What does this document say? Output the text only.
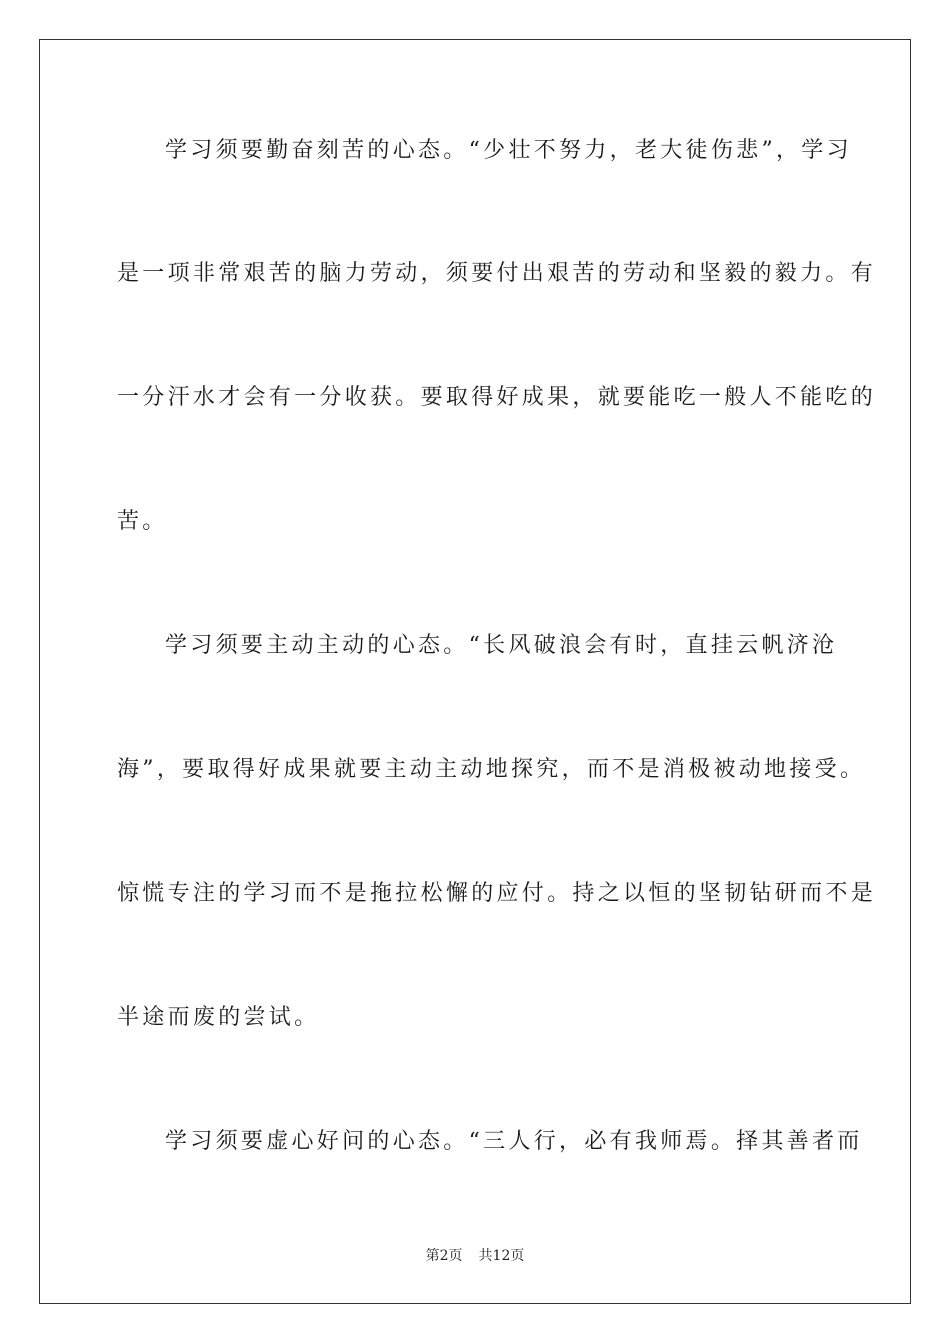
学习须要勤奋刻苦的心态。“少壮不努力，老大徒伤悲”，学习
是一项非常艰苦的脑力劳动，须要付出艰苦的劳动和坚毅的毅力。有
一分汗水才会有一分收获。要取得好成果，就要能吃一般人不能吃的
苦。
学习须要主动主动的心态。“长风破浪会有时，直挂云帆济沧
海”，要取得好成果就要主动主动地探究，而不是消极被动地接受。
惊慌专注的学习而不是拖拉松懈的应付。持之以恒的坚韧钻研而不是
半途而废的尝试。
学习须要虚心好问的心态。“三人行，必有我师焉。择其善者而
第2页 共12页
